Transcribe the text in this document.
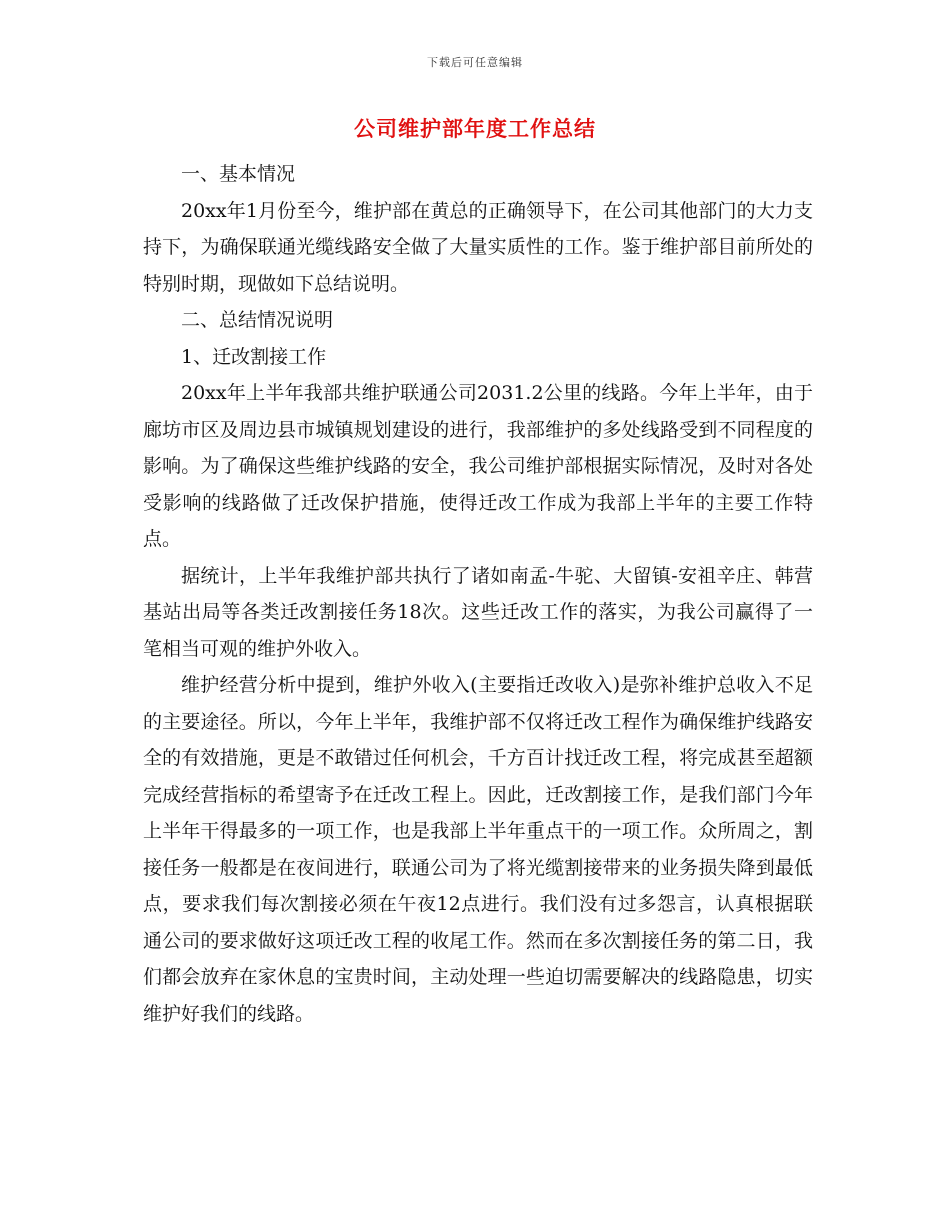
下载后可任意编辑
公司维护部年度工作总结

一、基本情况

20xx年1月份至今，维护部在黄总的正确领导下，在公司其他部门的大力支持下，为确保联通光缆线路安全做了大量实质性的工作。鉴于维护部目前所处的特别时期，现做如下总结说明。

二、总结情况说明

1、迁改割接工作

20xx年上半年我部共维护联通公司2031.2公里的线路。今年上半年，由于廊坊市区及周边县市城镇规划建设的进行，我部维护的多处线路受到不同程度的影响。为了确保这些维护线路的安全，我公司维护部根据实际情况，及时对各处受影响的线路做了迁改保护措施，使得迁改工作成为我部上半年的主要工作特点。

据统计，上半年我维护部共执行了诸如南孟-牛驼、大留镇-安祖辛庄、韩营基站出局等各类迁改割接任务18次。这些迁改工作的落实，为我公司赢得了一笔相当可观的维护外收入。

维护经营分析中提到，维护外收入(主要指迁改收入)是弥补维护总收入不足的主要途径。所以，今年上半年，我维护部不仅将迁改工程作为确保维护线路安全的有效措施，更是不敢错过任何机会，千方百计找迁改工程，将完成甚至超额完成经营指标的希望寄予在迁改工程上。因此，迁改割接工作，是我们部门今年上半年干得最多的一项工作，也是我部上半年重点干的一项工作。众所周之，割接任务一般都是在夜间进行，联通公司为了将光缆割接带来的业务损失降到最低点，要求我们每次割接必须在午夜12点进行。我们没有过多怨言，认真根据联通公司的要求做好这项迁改工程的收尾工作。然而在多次割接任务的第二日，我们都会放弃在家休息的宝贵时间，主动处理一些迫切需要解决的线路隐患，切实维护好我们的线路。
